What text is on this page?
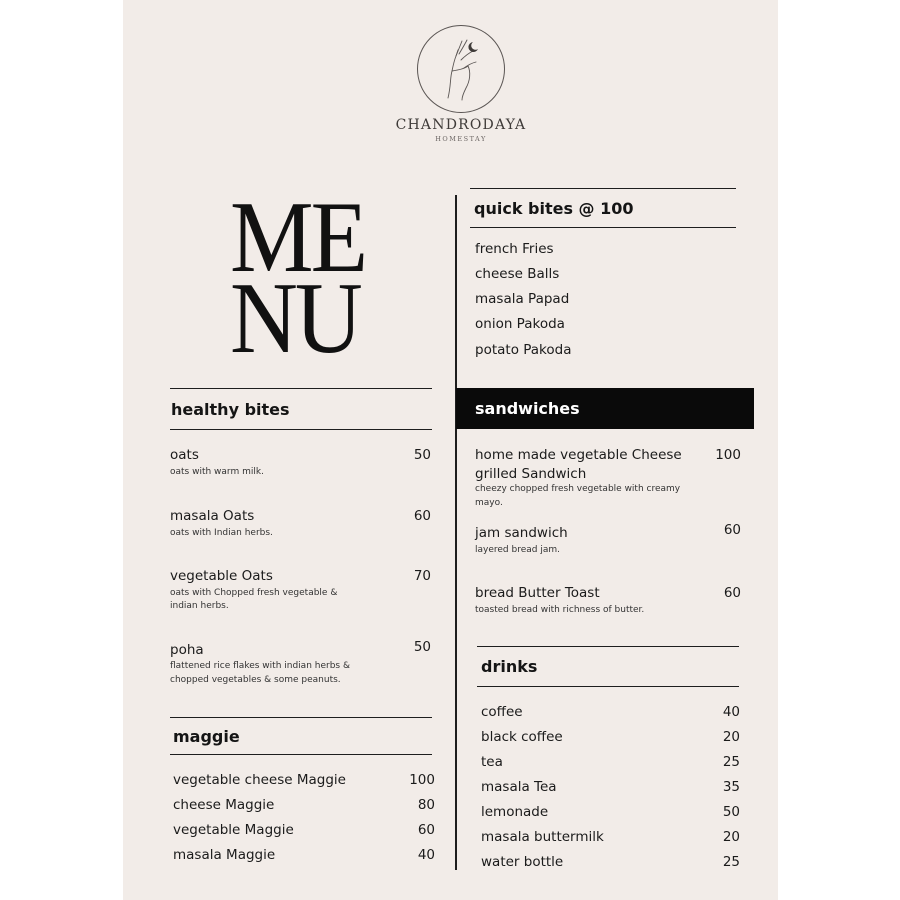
CHANDRODAYA
HOMESTAY
ME
NU
healthy bites
oats	50
oats with warm milk.
masala Oats	60
oats with Indian herbs.
vegetable Oats	70
oats with Chopped fresh vegetable &
indian herbs.
poha	50
flattened rice flakes with indian herbs &
chopped vegetables & some peanuts.
maggie
vegetable cheese Maggie	100
cheese Maggie	80
vegetable Maggie	60
masala Maggie	40
quick bites @ 100
french Fries
cheese Balls
masala Papad
onion Pakoda
potato Pakoda
sandwiches
home made vegetable Cheese
grilled Sandwich
100
cheezy chopped fresh vegetable with creamy
mayo.
jam sandwich	60
layered bread jam.
bread Butter Toast	60
toasted bread with richness of butter.
drinks
coffee	40
black coffee	20
tea	25
masala Tea	35
lemonade	50
masala buttermilk	20
water bottle	25
